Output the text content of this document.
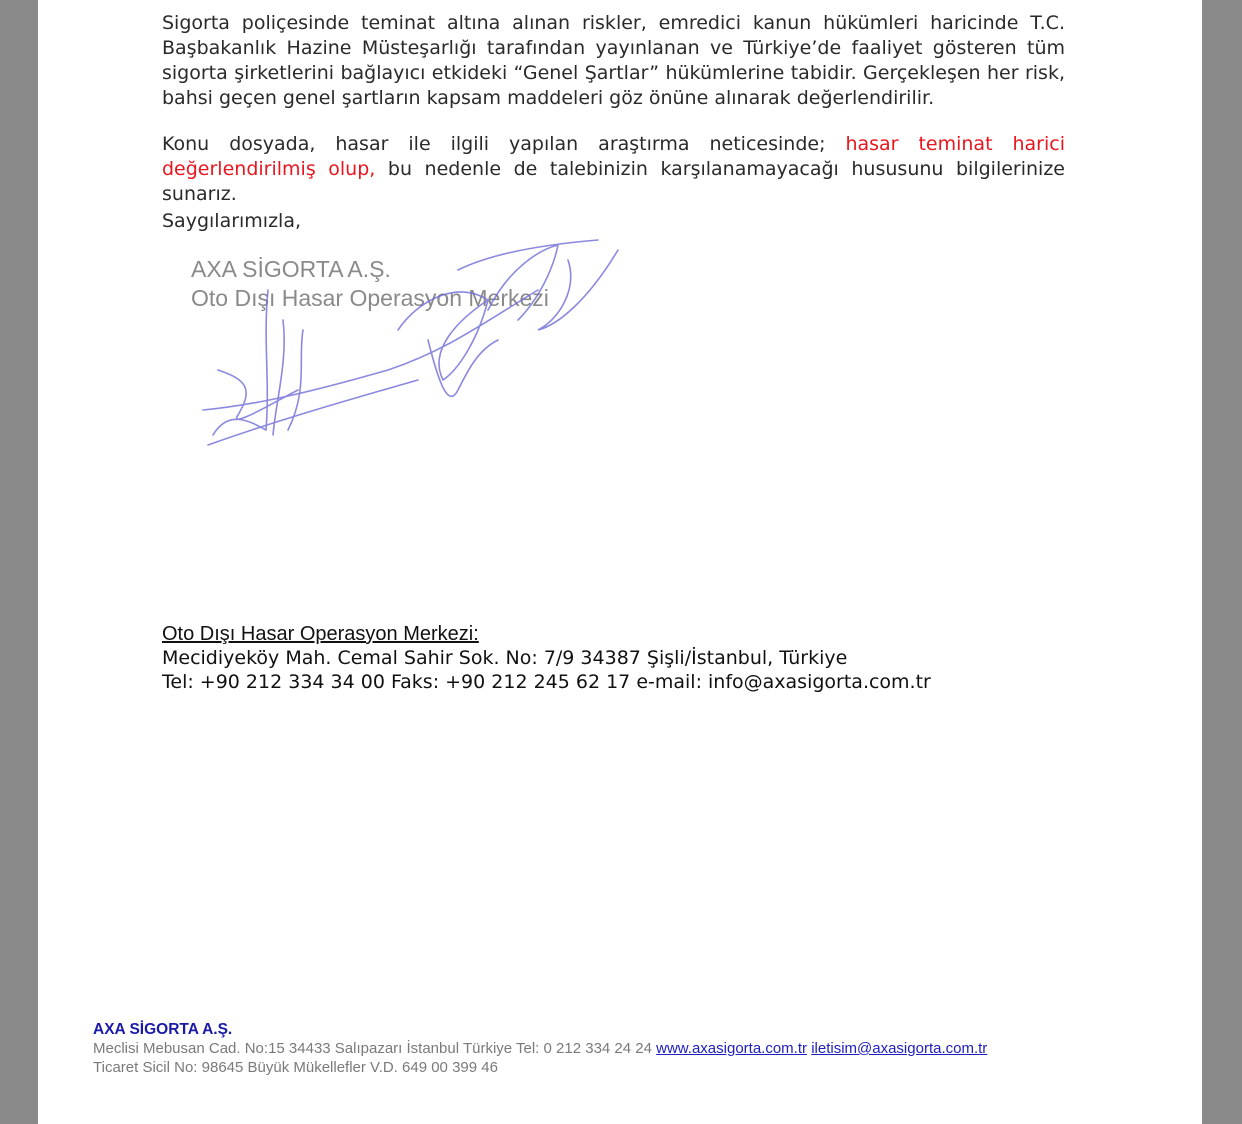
Sigorta poliçesinde teminat altına alınan riskler, emredici kanun hükümleri haricinde T.C. Başbakanlık Hazine Müsteşarlığı tarafından yayınlanan ve Türkiye’de faaliyet gösteren tüm sigorta şirketlerini bağlayıcı etkideki “Genel Şartlar” hükümlerine tabidir. Gerçekleşen her risk, bahsi geçen genel şartların kapsam maddeleri göz önüne alınarak değerlendirilir.

Konu dosyada, hasar ile ilgili yapılan araştırma neticesinde; hasar teminat harici değerlendirilmiş olup, bu nedenle de talebinizin karşılanamayacağı hususunu bilgilerinize sunarız.

Saygılarımızla,

AXA SİGORTA A.Ş.
Oto Dışı Hasar Operasyon Merkezi
Oto Dışı Hasar Operasyon Merkezi:
Mecidiyeköy Mah. Cemal Sahir Sok. No: 7/9 34387 Şişli/İstanbul, Türkiye
Tel: +90 212 334 34 00 Faks: +90 212 245 62 17 e-mail: info@axasigorta.com.tr
AXA SİGORTA A.Ş.
Meclisi Mebusan Cad. No:15 34433 Salıpazarı İstanbul Türkiye Tel: 0 212 334 24 24 www.axasigorta.com.tr iletisim@axasigorta.com.tr
Ticaret Sicil No: 98645 Büyük Mükellefler V.D. 649 00 399 46
